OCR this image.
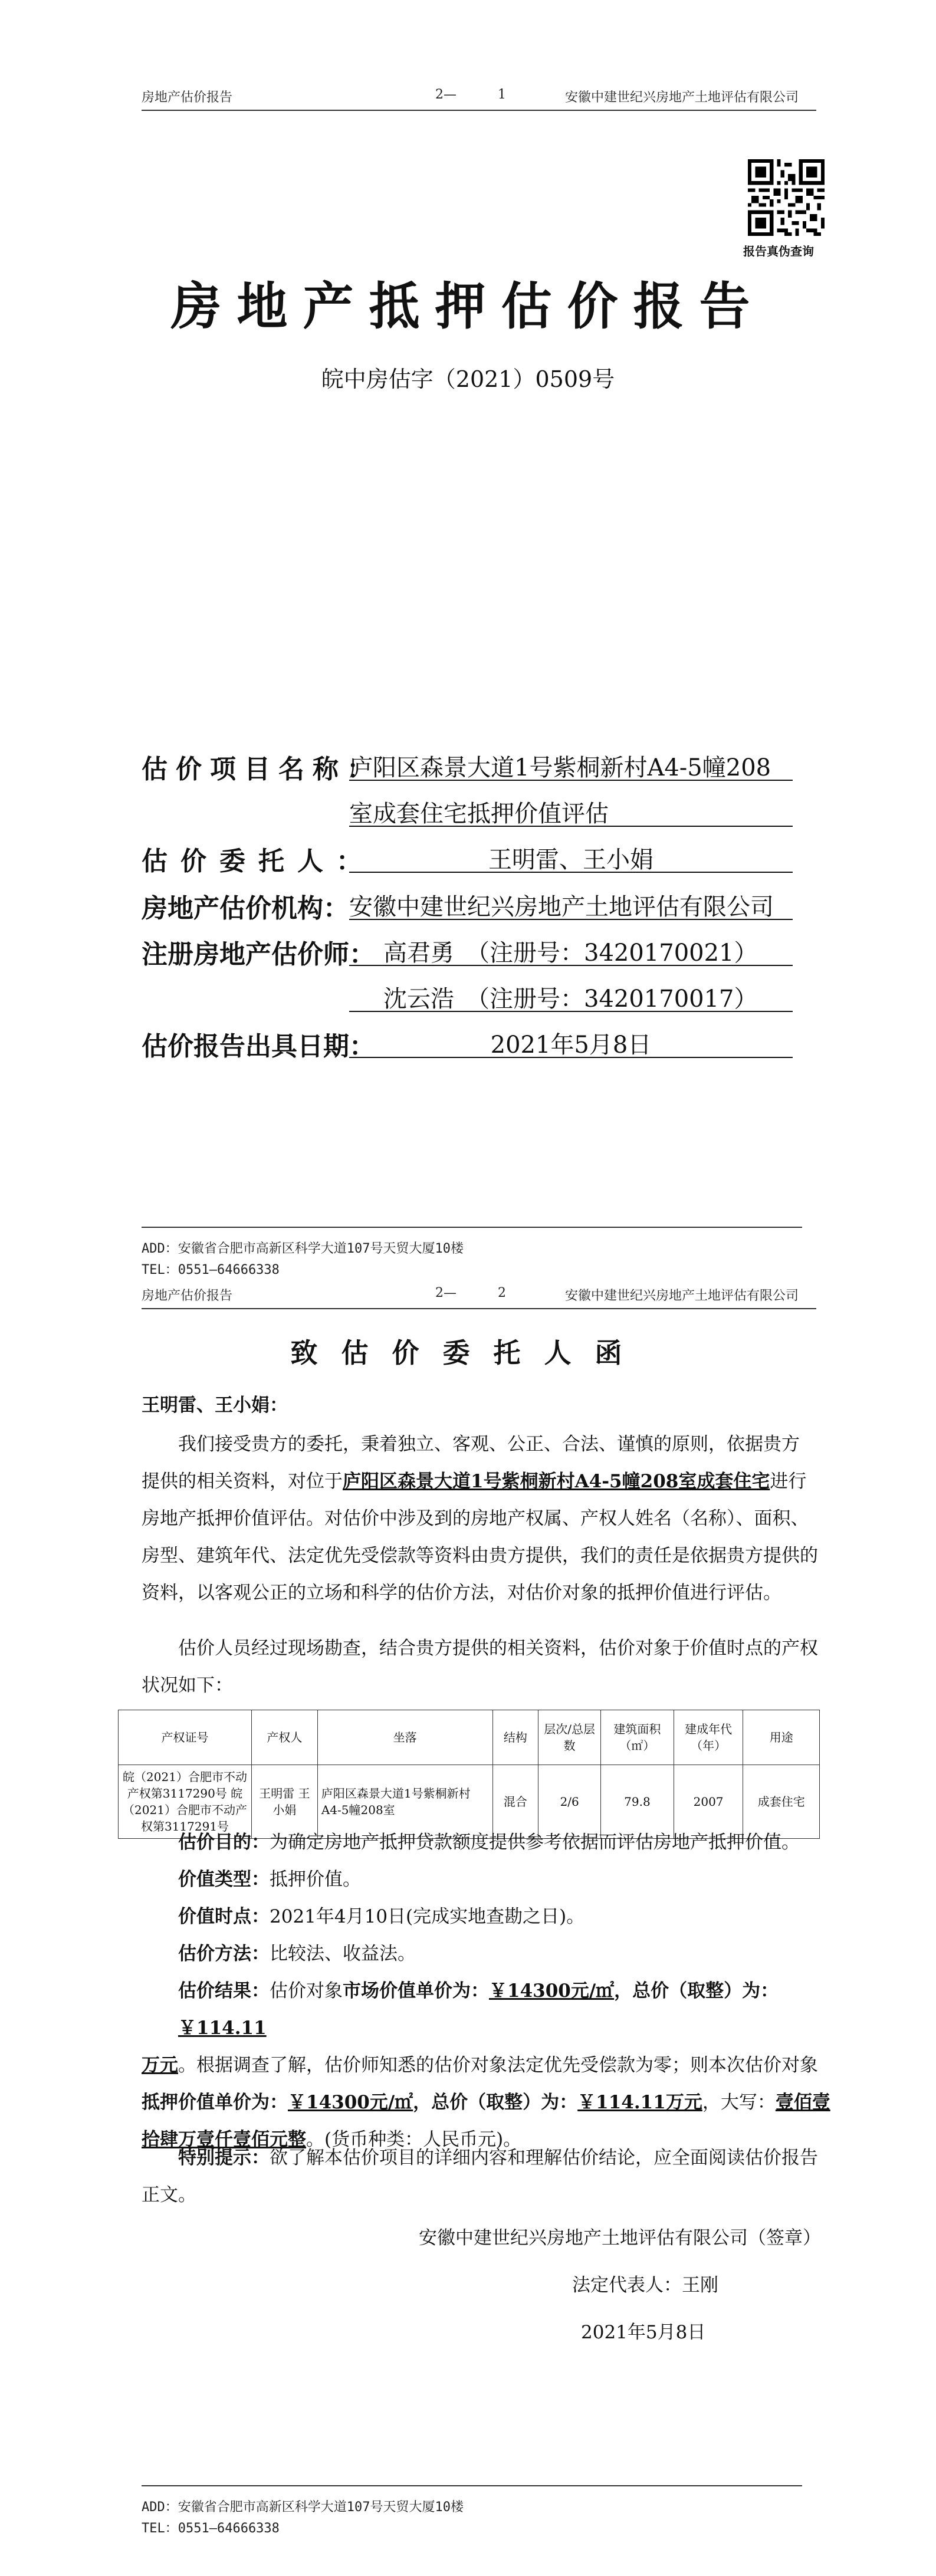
房地产估价报告	2—	1	安徽中建世纪兴房地产土地评估有限公司
报告真伪查询
房地产抵押估价报告
皖中房估字（2021）0509号
估价项目名称：
庐阳区森景大道1号紫桐新村A4-5幢208
室成套住宅抵押价值评估
估价委托人：	王明雷、王小娟
房地产估价机构： 安徽中建世纪兴房地产土地评估有限公司
注册房地产估价师： 高君勇　（注册号：3420170021）
沈云浩　（注册号：3420170017）
估价报告出具日期：	2021年5月8日
ADD：安徽省合肥市高新区科学大道107号天贸大厦10楼
TEL：0551—64666338
房地产估价报告	2—	2	安徽中建世纪兴房地产土地评估有限公司
致估价委托人函
王明雷、王小娟：
我们接受贵方的委托，秉着独立、客观、公正、合法、谨慎的原则，依据贵方
提供的相关资料，对位于庐阳区森景大道1号紫桐新村A4-5幢208室成套住宅进行
房地产抵押价值评估。对估价中涉及到的房地产权属、产权人姓名（名称）、面积、
房型、建筑年代、法定优先受偿款等资料由贵方提供，我们的责任是依据贵方提供的
资料，以客观公正的立场和科学的估价方法，对估价对象的抵押价值进行评估。
估价人员经过现场勘查，结合贵方提供的相关资料，估价对象于价值时点的产权
状况如下：
产权证号	产权人	坐落	结构	层次/总层数	建筑面积（㎡）	建成年代（年）	用途
皖（2021）合肥市不动产权第3117290号 皖（2021）合肥市不动产权第3117291号	王明雷 王小娟	庐阳区森景大道1号紫桐新村A4-5幢208室	混合	2/6	79.8	2007	成套住宅
估价目的：为确定房地产抵押贷款额度提供参考依据而评估房地产抵押价值。
价值类型：抵押价值。
价值时点：2021年4月10日(完成实地查勘之日)。
估价方法：比较法、收益法。
估价结果：估价对象市场价值单价为：￥14300元/㎡，总价（取整）为：￥114.11
万元。根据调查了解，估价师知悉的估价对象法定优先受偿款为零；则本次估价对象
抵押价值单价为：￥14300元/㎡，总价（取整）为：￥114.11万元，大写：壹佰壹
拾肆万壹仟壹佰元整。(货币种类：人民币元)。
特别提示：欲了解本估价项目的详细内容和理解估价结论，应全面阅读估价报告
正文。
安徽中建世纪兴房地产土地评估有限公司（签章）
法定代表人：王刚
2021年5月8日
ADD：安徽省合肥市高新区科学大道107号天贸大厦10楼
TEL：0551—64666338
